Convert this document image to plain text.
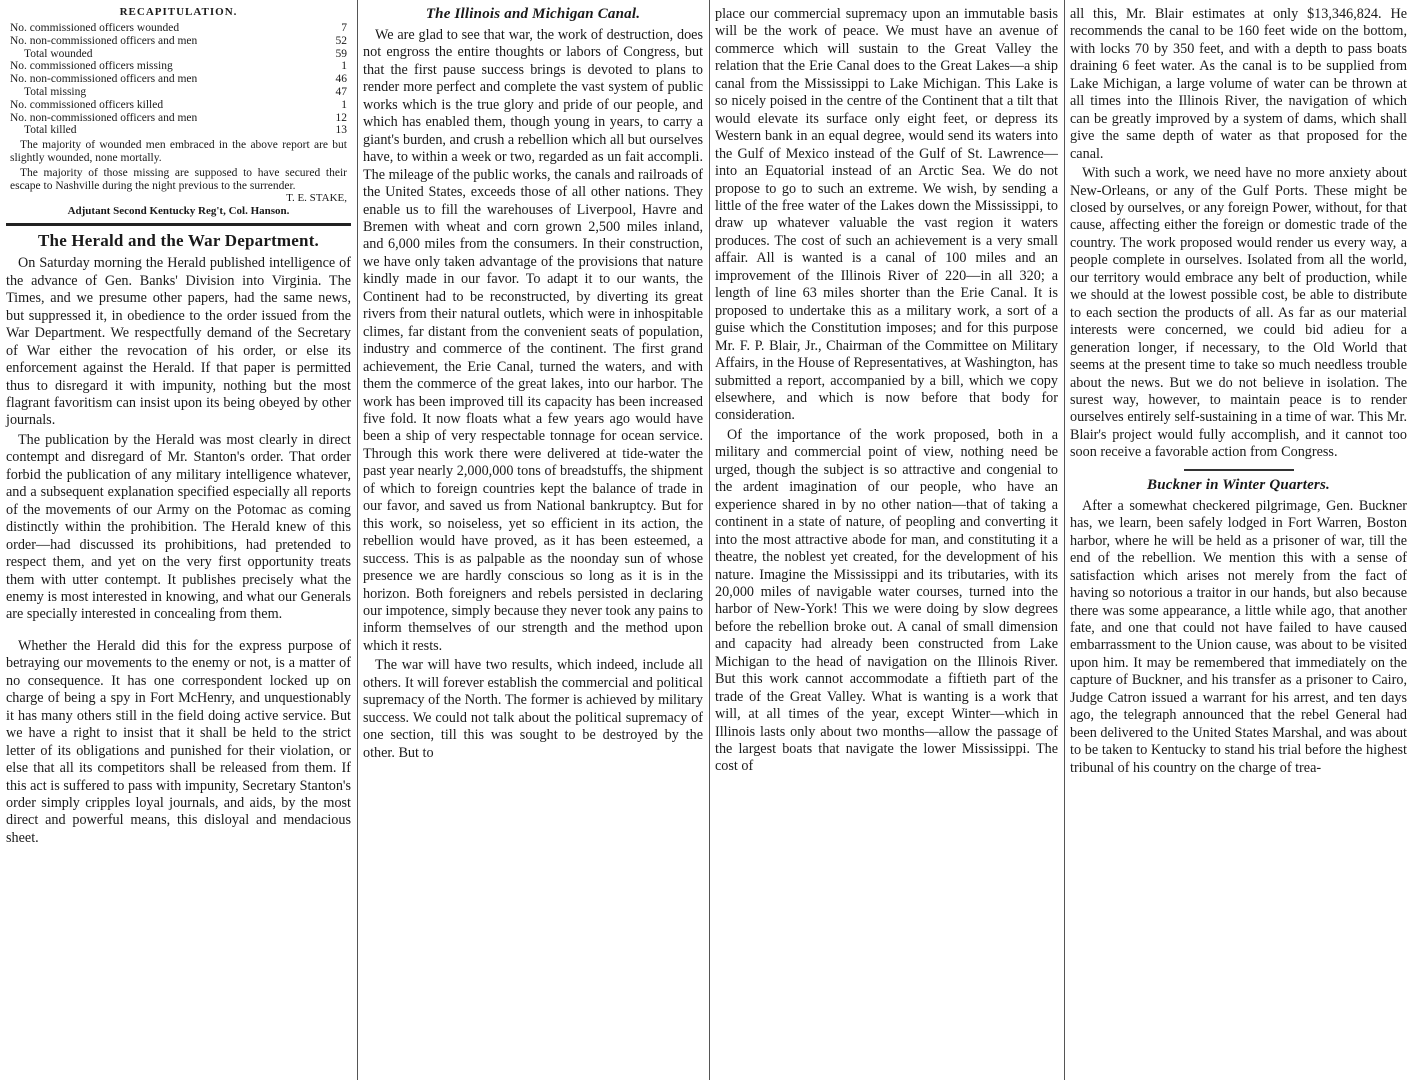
RECAPITULATION.
No. commissioned officers wounded	7
No. non-commissioned officers and men	52
Total wounded	59
No. commissioned officers missing	1
No. non-commissioned officers and men	46
Total missing	47
No. commissioned officers killed	1
No. non-commissioned officers and men	12
Total killed	13

The majority of wounded men embraced in the above report are but slightly wounded, none mortally.

The majority of those missing are supposed to have secured their escape to Nashville during the night previous to the surrender.

T. E. STAKE,
Adjutant Second Kentucky Reg't, Col. Hanson.
The Herald and the War Department.

On Saturday morning the Herald published intelligence of the advance of Gen. Banks' Division into Virginia. The Times, and we presume other papers, had the same news, but suppressed it, in obedience to the order issued from the War Department. We respectfully demand of the Secretary of War either the revocation of his order, or else its enforcement against the Herald. If that paper is permitted thus to disregard it with impunity, nothing but the most flagrant favoritism can insist upon its being obeyed by other journals.

The publication by the Herald was most clearly in direct contempt and disregard of Mr. Stanton's order. That order forbid the publication of any military intelligence whatever, and a subsequent explanation specified especially all reports of the movements of our Army on the Potomac as coming distinctly within the prohibition. The Herald knew of this order—had discussed its prohibitions, had pretended to respect them, and yet on the very first opportunity treats them with utter contempt. It publishes precisely what the enemy is most interested in knowing, and what our Generals are specially interested in concealing from them.

Whether the Herald did this for the express purpose of betraying our movements to the enemy or not, is a matter of no consequence. It has one correspondent locked up on charge of being a spy in Fort McHenry, and unquestionably it has many others still in the field doing active service. But we have a right to insist that it shall be held to the strict letter of its obligations and punished for their violation, or else that all its competitors shall be released from them. If this act is suffered to pass with impunity, Secretary Stanton's order simply cripples loyal journals, and aids, by the most direct and powerful means, this disloyal and mendacious sheet.

The Illinois and Michigan Canal.

We are glad to see that war, the work of destruction, does not engross the entire thoughts or labors of Congress, but that the first pause success brings is devoted to plans to render more perfect and complete the vast system of public works which is the true glory and pride of our people, and which has enabled them, though young in years, to carry a giant's burden, and crush a rebellion which all but ourselves have, to within a week or two, regarded as un fait accompli. The mileage of the public works, the canals and railroads of the United States, exceeds those of all other nations. They enable us to fill the warehouses of Liverpool, Havre and Bremen with wheat and corn grown 2,500 miles inland, and 6,000 miles from the consumers. In their construction, we have only taken advantage of the provisions that nature kindly made in our favor. To adapt it to our wants, the Continent had to be reconstructed, by diverting its great rivers from their natural outlets, which were in inhospitable climes, far distant from the convenient seats of population, industry and commerce of the continent. The first grand achievement, the Erie Canal, turned the waters, and with them the commerce of the great lakes, into our harbor. The work has been improved till its capacity has been increased five fold. It now floats what a few years ago would have been a ship of very respectable tonnage for ocean service. Through this work there were delivered at tide-water the past year nearly 2,000,000 tons of breadstuffs, the shipment of which to foreign countries kept the balance of trade in our favor, and saved us from National bankruptcy. But for this work, so noiseless, yet so efficient in its action, the rebellion would have proved, as it has been esteemed, a success. This is as palpable as the noonday sun of whose presence we are hardly conscious so long as it is in the horizon. Both foreigners and rebels persisted in declaring our impotence, simply because they never took any pains to inform themselves of our strength and the method upon which it rests.

The war will have two results, which indeed, include all others. It will forever establish the commercial and political supremacy of the North. The former is achieved by military success. We could not talk about the political supremacy of one section, till this was sought to be destroyed by the other. But to

place our commercial supremacy upon an immutable basis will be the work of peace. We must have an avenue of commerce which will sustain to the Great Valley the relation that the Erie Canal does to the Great Lakes—a ship canal from the Mississippi to Lake Michigan. This Lake is so nicely poised in the centre of the Continent that a tilt that would elevate its surface only eight feet, or depress its Western bank in an equal degree, would send its waters into the Gulf of Mexico instead of the Gulf of St. Lawrence—into an Equatorial instead of an Arctic Sea. We do not propose to go to such an extreme. We wish, by sending a little of the free water of the Lakes down the Mississippi, to draw up whatever valuable the vast region it waters produces. The cost of such an achievement is a very small affair. All is wanted is a canal of 100 miles and an improvement of the Illinois River of 220—in all 320; a length of line 63 miles shorter than the Erie Canal. It is proposed to undertake this as a military work, a sort of a guise which the Constitution imposes; and for this purpose Mr. F. P. Blair, Jr., Chairman of the Committee on Military Affairs, in the House of Representatives, at Washington, has submitted a report, accompanied by a bill, which we copy elsewhere, and which is now before that body for consideration.

Of the importance of the work proposed, both in a military and commercial point of view, nothing need be urged, though the subject is so attractive and congenial to the ardent imagination of our people, who have an experience shared in by no other nation—that of taking a continent in a state of nature, of peopling and converting it into the most attractive abode for man, and constituting it a theatre, the noblest yet created, for the development of his nature. Imagine the Mississippi and its tributaries, with its 20,000 miles of navigable water courses, turned into the harbor of New-York! This we were doing by slow degrees before the rebellion broke out. A canal of small dimension and capacity had already been constructed from Lake Michigan to the head of navigation on the Illinois River. But this work cannot accommodate a fiftieth part of the trade of the Great Valley. What is wanting is a work that will, at all times of the year, except Winter—which in Illinois lasts only about two months—allow the passage of the largest boats that navigate the lower Mississippi. The cost of

all this, Mr. Blair estimates at only $13,346,824. He recommends the canal to be 160 feet wide on the bottom, with locks 70 by 350 feet, and with a depth to pass boats draining 6 feet water. As the canal is to be supplied from Lake Michigan, a large volume of water can be thrown at all times into the Illinois River, the navigation of which can be greatly improved by a system of dams, which shall give the same depth of water as that proposed for the canal.

With such a work, we need have no more anxiety about New-Orleans, or any of the Gulf Ports. These might be closed by ourselves, or any foreign Power, without, for that cause, affecting either the foreign or domestic trade of the country. The work proposed would render us every way, a people complete in ourselves. Isolated from all the world, our territory would embrace any belt of production, while we should at the lowest possible cost, be able to distribute to each section the products of all. As far as our material interests were concerned, we could bid adieu for a generation longer, if necessary, to the Old World that seems at the present time to take so much needless trouble about the news. But we do not believe in isolation. The surest way, however, to maintain peace is to render ourselves entirely self-sustaining in a time of war. This Mr. Blair's project would fully accomplish, and it cannot too soon receive a favorable action from Congress.

Buckner in Winter Quarters.

After a somewhat checkered pilgrimage, Gen. Buckner has, we learn, been safely lodged in Fort Warren, Boston harbor, where he will be held as a prisoner of war, till the end of the rebellion. We mention this with a sense of satisfaction which arises not merely from the fact of having so notorious a traitor in our hands, but also because there was some appearance, a little while ago, that another fate, and one that could not have failed to have caused embarrassment to the Union cause, was about to be visited upon him. It may be remembered that immediately on the capture of Buckner, and his transfer as a prisoner to Cairo, Judge Catron issued a warrant for his arrest, and ten days ago, the telegraph announced that the rebel General had been delivered to the United States Marshal, and was about to be taken to Kentucky to stand his trial before the highest tribunal of his country on the charge of trea-
